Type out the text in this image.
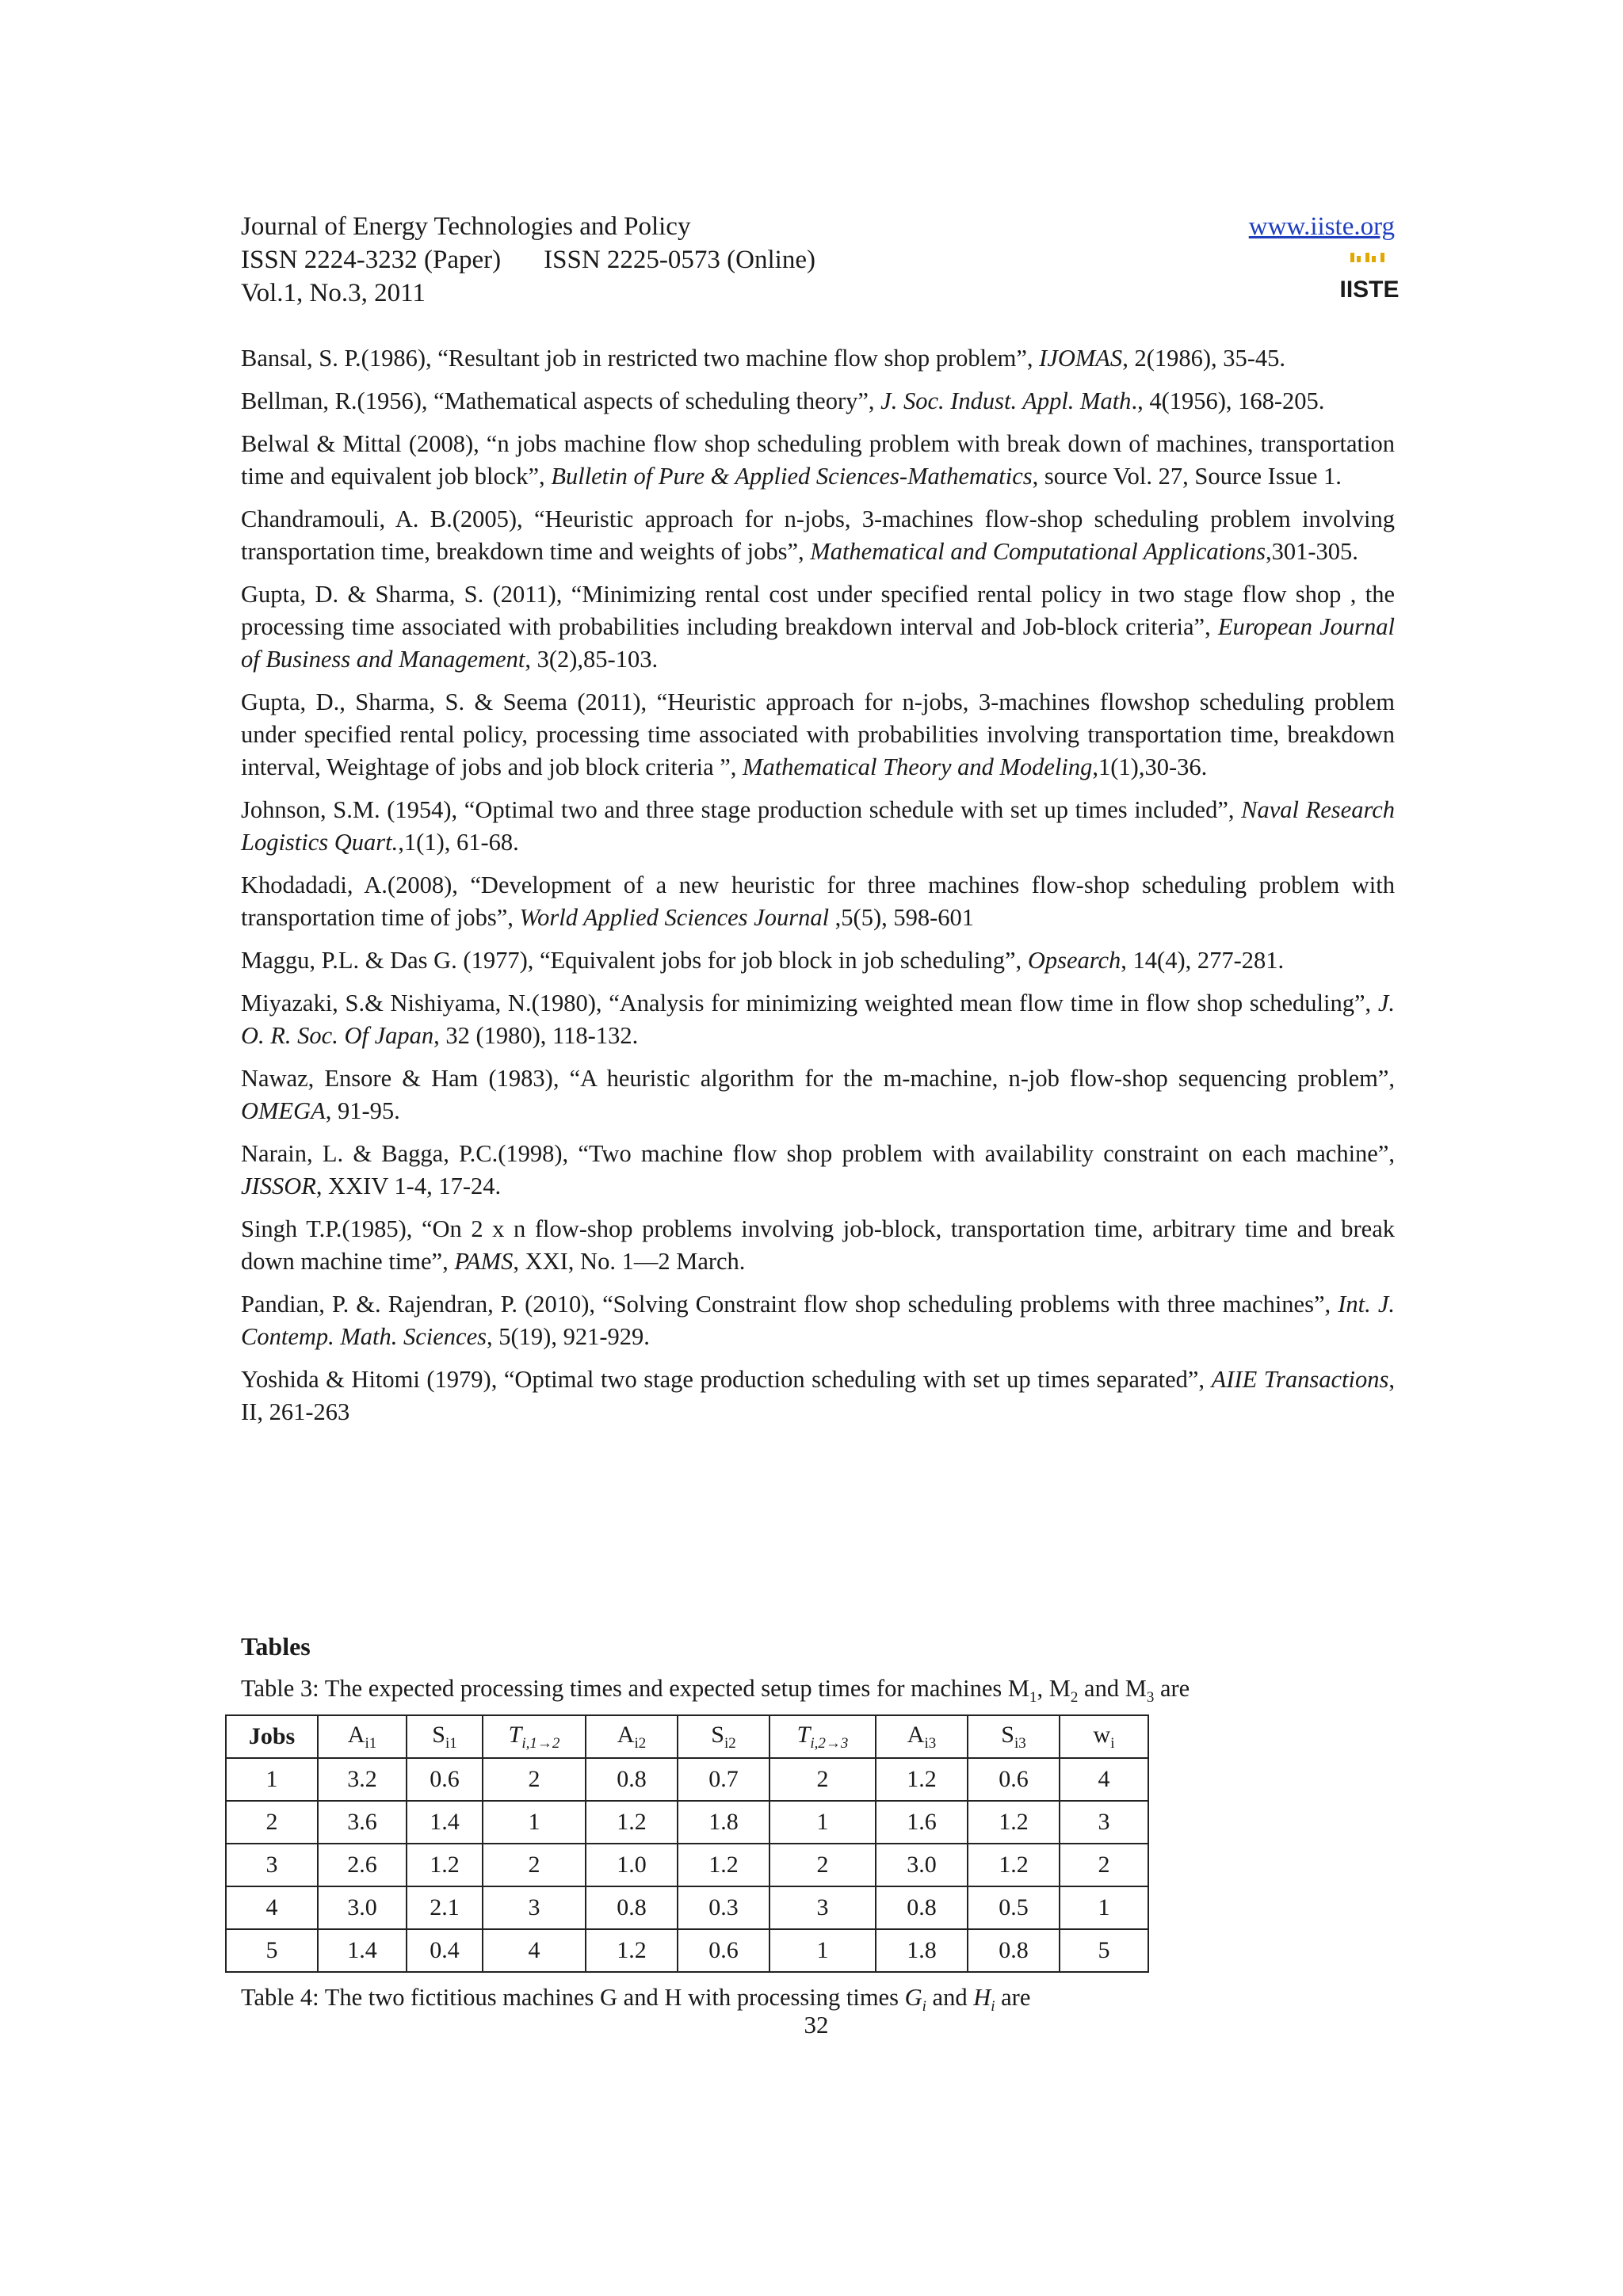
Journal of Energy Technologies and Policy	www.iiste.org
ISSN 2224-3232 (Paper) ISSN 2225-0573 (Online)
Vol.1, No.3, 2011	IISTE

Bansal, S. P.(1986), “Resultant job in restricted two machine flow shop problem”, IJOMAS, 2(1986), 35-45.

Bellman, R.(1956), “Mathematical aspects of scheduling theory”, J. Soc. Indust. Appl. Math., 4(1956), 168-205.

Belwal & Mittal (2008), “n jobs machine flow shop scheduling problem with break down of machines, transportation time and equivalent job block”, Bulletin of Pure & Applied Sciences-Mathematics, source Vol. 27, Source Issue 1.

Chandramouli, A. B.(2005), “Heuristic approach for n-jobs, 3-machines flow-shop scheduling problem involving transportation time, breakdown time and weights of jobs”, Mathematical and Computational Applications,301-305.

Gupta, D. & Sharma, S. (2011), “Minimizing rental cost under specified rental policy in two stage flow shop , the processing time associated with probabilities including breakdown interval and Job-block criteria”, European Journal of Business and Management, 3(2),85-103.

Gupta, D., Sharma, S. & Seema (2011), “Heuristic approach for n-jobs, 3-machines flowshop scheduling problem under specified rental policy, processing time associated with probabilities involving transportation time, breakdown interval, Weightage of jobs and job block criteria ”, Mathematical Theory and Modeling,1(1),30-36.

Johnson, S.M. (1954), “Optimal two and three stage production schedule with set up times included”, Naval Research Logistics Quart.,1(1), 61-68.

Khodadadi, A.(2008), “Development of a new heuristic for three machines flow-shop scheduling problem with transportation time of jobs”, World Applied Sciences Journal ,5(5), 598-601

Maggu, P.L. & Das G. (1977), “Equivalent jobs for job block in job scheduling”, Opsearch, 14(4), 277-281.

Miyazaki, S.& Nishiyama, N.(1980), “Analysis for minimizing weighted mean flow time in flow shop scheduling”, J. O. R. Soc. Of Japan, 32 (1980), 118-132.

Nawaz, Ensore & Ham (1983), “A heuristic algorithm for the m-machine, n-job flow-shop sequencing problem”, OMEGA, 91-95.

Narain, L. & Bagga, P.C.(1998), “Two machine flow shop problem with availability constraint on each machine”, JISSOR, XXIV 1-4, 17-24.

Singh T.P.(1985), “On 2 x n flow-shop problems involving job-block, transportation time, arbitrary time and break down machine time”, PAMS, XXI, No. 1—2 March.

Pandian, P. &. Rajendran, P. (2010), “Solving Constraint flow shop scheduling problems with three machines”, Int. J. Contemp. Math. Sciences, 5(19), 921-929.

Yoshida & Hitomi (1979), “Optimal two stage production scheduling with set up times separated”, AIIE Transactions, II, 261-263

Tables
Table 3: The expected processing times and expected setup times for machines $M_1$, $M_2$ and $M_3$ are
Jobs	$A_{i1}$	$S_{i1}$	$T_{i,1\to 2}$	$A_{i2}$	$S_{i2}$	$T_{i,2\to 3}$	$A_{i3}$	$S_{i3}$	$w_i$
1	3.2	0.6	2	0.8	0.7	2	1.2	0.6	4
2	3.6	1.4	1	1.2	1.8	1	1.6	1.2	3
3	2.6	1.2	2	1.0	1.2	2	3.0	1.2	2
4	3.0	2.1	3	0.8	0.3	3	0.8	0.5	1
5	1.4	0.4	4	1.2	0.6	1	1.8	0.8	5
Table 4: The two fictitious machines G and H with processing times $G_i$ and $H_i$ are
32
